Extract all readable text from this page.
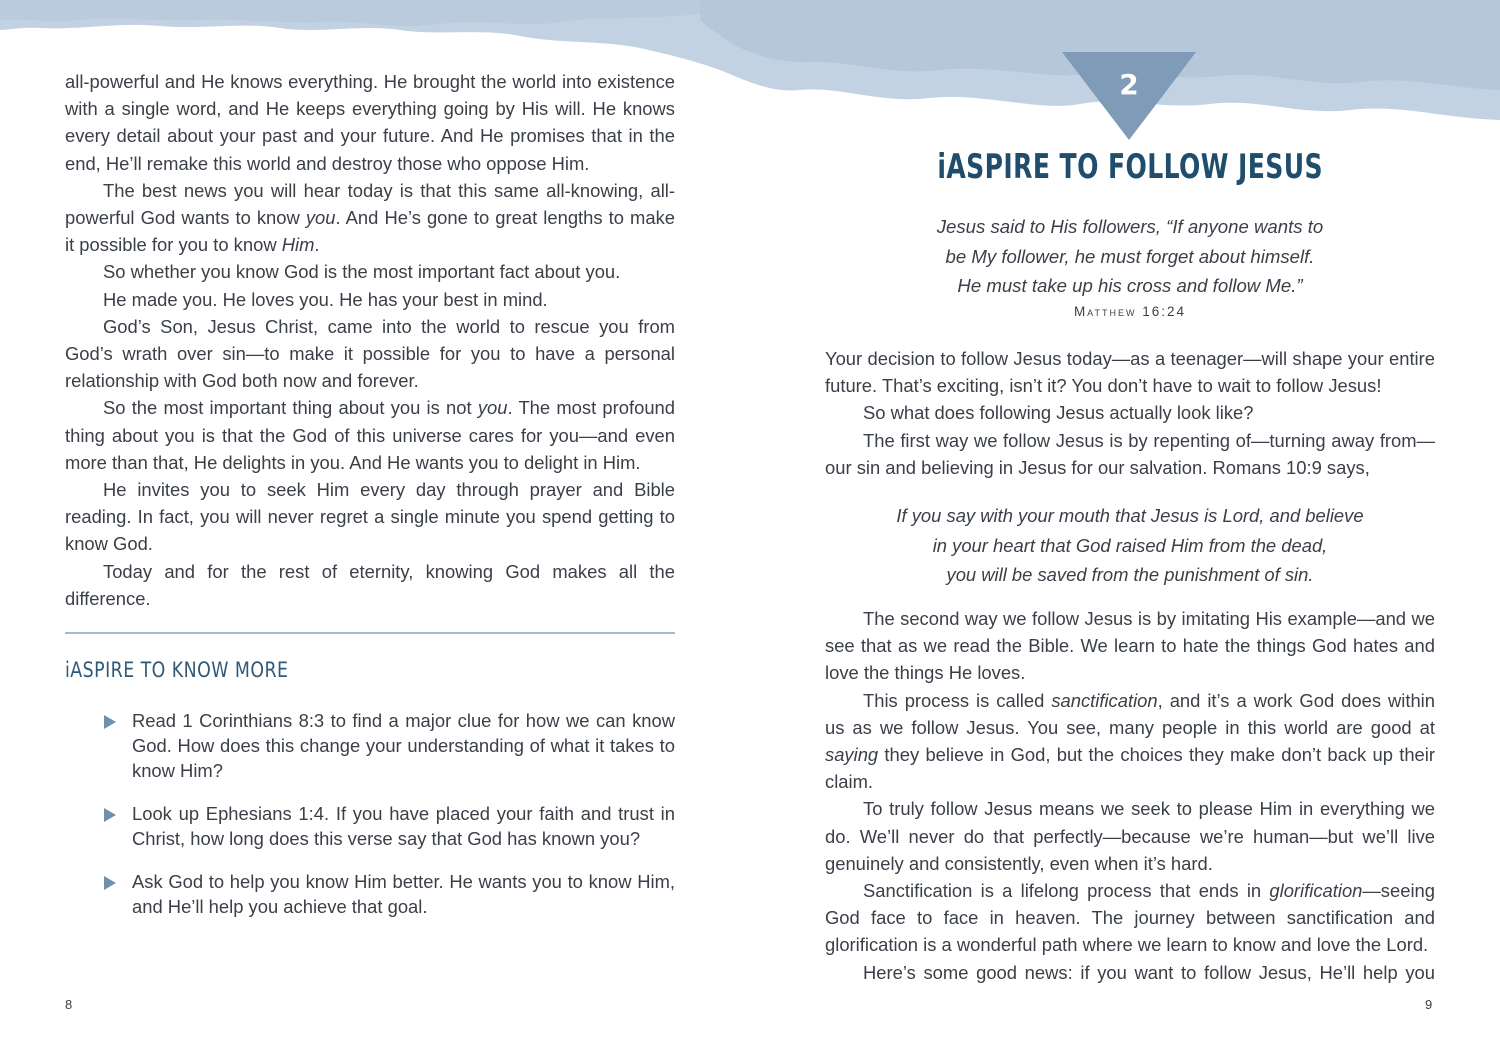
all-powerful and He knows everything. He brought the world into existence with a single word, and He keeps everything going by His will. He knows every detail about your past and your future. And He promises that in the end, He’ll remake this world and destroy those who oppose Him.

The best news you will hear today is that this same all-knowing, all-powerful God wants to know you. And He’s gone to great lengths to make it possible for you to know Him.

So whether you know God is the most important fact about you.

He made you. He loves you. He has your best in mind.

God’s Son, Jesus Christ, came into the world to rescue you from God’s wrath over sin—to make it possible for you to have a personal relationship with God both now and forever.

So the most important thing about you is not you. The most profound thing about you is that the God of this universe cares for you—and even more than that, He delights in you. And He wants you to delight in Him.

He invites you to seek Him every day through prayer and Bible reading. In fact, you will never regret a single minute you spend getting to know God.

Today and for the rest of eternity, knowing God makes all the difference.

iASPIRE TO KNOW MORE
Read 1 Corinthians 8:3 to find a major clue for how we can know God. How does this change your understanding of what it takes to know Him?
Look up Ephesians 1:4. If you have placed your faith and trust in Christ, how long does this verse say that God has known you?
Ask God to help you know Him better. He wants you to know Him, and He’ll help you achieve that goal.
8
2
iASPIRE TO FOLLOW JESUS
Jesus said to His followers, “If anyone wants to
be My follower, he must forget about himself.
He must take up his cross and follow Me.”
Matthew 16:24

Your decision to follow Jesus today—as a teenager—will shape your entire future. That’s exciting, isn’t it? You don’t have to wait to follow Jesus!

So what does following Jesus actually look like?

The first way we follow Jesus is by repenting of—turning away from—our sin and believing in Jesus for our salvation. Romans 10:9 says,

If you say with your mouth that Jesus is Lord, and believe
in your heart that God raised Him from the dead,
you will be saved from the punishment of sin.

The second way we follow Jesus is by imitating His example—and we see that as we read the Bible. We learn to hate the things God hates and love the things He loves.

This process is called sanctification, and it’s a work God does within us as we follow Jesus. You see, many people in this world are good at saying they believe in God, but the choices they make don’t back up their claim.

To truly follow Jesus means we seek to please Him in everything we do. We’ll never do that perfectly—because we’re human—but we’ll live genuinely and consistently, even when it’s hard.

Sanctification is a lifelong process that ends in glorification—seeing God face to face in heaven. The journey between sanctification and glorification is a wonderful path where we learn to know and love the Lord.

Here’s some good news: if you want to follow Jesus, He’ll help you

9
